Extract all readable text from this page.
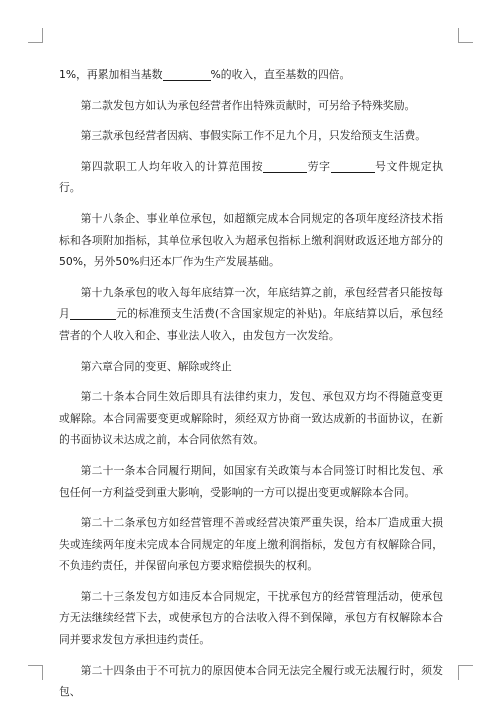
1%，再累加相当基数	%的收入，直至基数的四倍。

第二款发包方如认为承包经营者作出特殊贡献时，可另给予特殊奖励。

第三款承包经营者因病、事假实际工作不足九个月，只发给预支生活费。

第四款职工人均年收入的计算范围按	劳字	号文件规定执行。

第十八条企、事业单位承包，如超额完成本合同规定的各项年度经济技术指标和各项附加指标，其单位承包收入为超承包指标上缴利润财政返还地方部分的50%，另外50%归还本厂作为生产发展基础。

第十九条承包的收入每年底结算一次，年底结算之前，承包经营者只能按每月	元的标准预支生活费(不含国家规定的补贴)。年底结算以后，承包经营者的个人收入和企、事业法人收入，由发包方一次发给。

第六章合同的变更、解除或终止

第二十条本合同生效后即具有法律约束力，发包、承包双方均不得随意变更或解除。本合同需要变更或解除时，须经双方协商一致达成新的书面协议，在新的书面协议未达成之前，本合同依然有效。

第二十一条本合同履行期间，如国家有关政策与本合同签订时相比发包、承包任何一方利益受到重大影响，受影响的一方可以提出变更或解除本合同。

第二十二条承包方如经营管理不善或经营决策严重失误，给本厂造成重大损失或连续两年度未完成本合同规定的年度上缴利润指标，发包方有权解除合同，不负违约责任，并保留向承包方要求赔偿损失的权利。

第二十三条发包方如违反本合同规定，干扰承包方的经营管理活动，使承包方无法继续经营下去，或使承包方的合法收入得不到保障，承包方有权解除本合同并要求发包方承担违约责任。

第二十四条由于不可抗力的原因使本合同无法完全履行或无法履行时，须发包、
